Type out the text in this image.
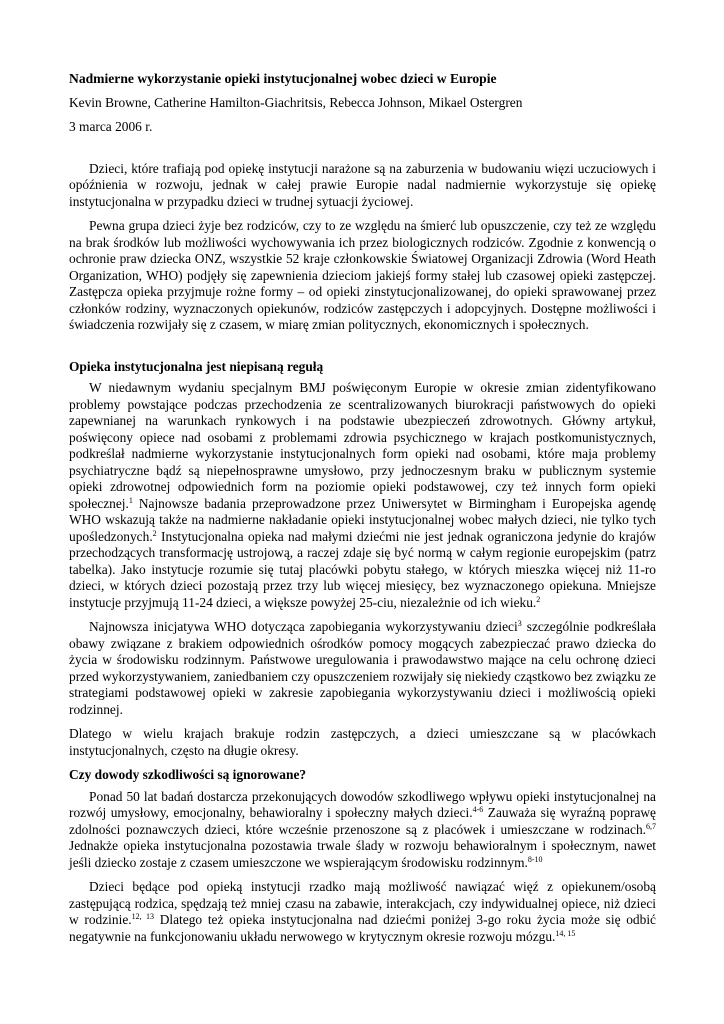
Nadmierne wykorzystanie opieki instytucjonalnej wobec dzieci w Europie
Kevin Browne, Catherine Hamilton-Giachritsis, Rebecca Johnson, Mikael Ostergren
3 marca 2006 r.

Dzieci, które trafiają pod opiekę instytucji narażone są na zaburzenia w budowaniu więzi uczuciowych i opóźnienia w rozwoju, jednak w całej prawie Europie nadal nadmiernie wykorzystuje się opiekę instytucjonalna w przypadku dzieci w trudnej sytuacji życiowej.

Pewna grupa dzieci żyje bez rodziców, czy to ze względu na śmierć lub opuszczenie, czy też ze względu na brak środków lub możliwości wychowywania ich przez biologicznych rodziców. Zgodnie z konwencją o ochronie praw dziecka ONZ, wszystkie 52 kraje członkowskie Światowej Organizacji Zdrowia (Word Heath Organization, WHO) podjęły się zapewnienia dzieciom jakiejś formy stałej lub czasowej opieki zastępczej. Zastępcza opieka przyjmuje rożne formy – od opieki zinstytucjonalizowanej, do opieki sprawowanej przez członków rodziny, wyznaczonych opiekunów, rodziców zastępczych i adopcyjnych. Dostępne możliwości i świadczenia rozwijały się z czasem, w miarę zmian politycznych, ekonomicznych i społecznych.

Opieka instytucjonalna jest niepisaną regułą

W niedawnym wydaniu specjalnym BMJ poświęconym Europie w okresie zmian zidentyfikowano problemy powstające podczas przechodzenia ze scentralizowanych biurokracji państwowych do opieki zapewnianej na warunkach rynkowych i na podstawie ubezpieczeń zdrowotnych. Główny artykuł, poświęcony opiece nad osobami z problemami zdrowia psychicznego w krajach postkomunistycznych, podkreślał nadmierne wykorzystanie instytucjonalnych form opieki nad osobami, które maja problemy psychiatryczne bądź są niepełnosprawne umysłowo, przy jednoczesnym braku w publicznym systemie opieki zdrowotnej odpowiednich form na poziomie opieki podstawowej, czy też innych form opieki społecznej.$^1$ Najnowsze badania przeprowadzone przez Uniwersytet w Birmingham i Europejska agendę WHO wskazują także na nadmierne nakładanie opieki instytucjonalnej wobec małych dzieci, nie tylko tych upośledzonych.$^2$ Instytucjonalna opieka nad małymi dziećmi nie jest jednak ograniczona jedynie do krajów przechodzących transformację ustrojową, a raczej zdaje się być normą w całym regionie europejskim (patrz tabelka). Jako instytucje rozumie się tutaj placówki pobytu stałego, w których mieszka więcej niż 11-ro dzieci, w których dzieci pozostają przez trzy lub więcej miesięcy, bez wyznaczonego opiekuna. Mniejsze instytucje przyjmują 11-24 dzieci, a większe powyżej 25-ciu, niezależnie od ich wieku.$^2$

Najnowsza inicjatywa WHO dotycząca zapobiegania wykorzystywaniu dzieci$^3$ szczególnie podkreślała obawy związane z brakiem odpowiednich ośrodków pomocy mogących zabezpieczać prawo dziecka do życia w środowisku rodzinnym. Państwowe uregulowania i prawodawstwo mające na celu ochronę dzieci przed wykorzystywaniem, zaniedbaniem czy opuszczeniem rozwijały się niekiedy cząstkowo bez związku ze strategiami podstawowej opieki w zakresie zapobiegania wykorzystywaniu dzieci i możliwością opieki rodzinnej.

Dlatego w wielu krajach brakuje rodzin zastępczych, a dzieci umieszczane są w placówkach instytucjonalnych, często na długie okresy.

Czy dowody szkodliwości są ignorowane?

Ponad 50 lat badań dostarcza przekonujących dowodów szkodliwego wpływu opieki instytucjonalnej na rozwój umysłowy, emocjonalny, behawioralny i społeczny małych dzieci.$^{4-6}$ Zauważa się wyraźną poprawę zdolności poznawczych dzieci, które wcześnie przenoszone są z placówek i umieszczane w rodzinach.$^{6,7}$ Jednakże opieka instytucjonalna pozostawia trwale ślady w rozwoju behawioralnym i społecznym, nawet jeśli dziecko zostaje z czasem umieszczone we wspierającym środowisku rodzinnym.$^{8-10}$

Dzieci będące pod opieką instytucji rzadko mają możliwość nawiązać więź z opiekunem/osobą zastępującą rodzica, spędzają też mniej czasu na zabawie, interakcjach, czy indywidualnej opiece, niż dzieci w rodzinie.$^{12, 13}$ Dlatego też opieka instytucjonalna nad dziećmi poniżej 3-go roku życia może się odbić negatywnie na funkcjonowaniu układu nerwowego w krytycznym okresie rozwoju mózgu.$^{14, 15}$
